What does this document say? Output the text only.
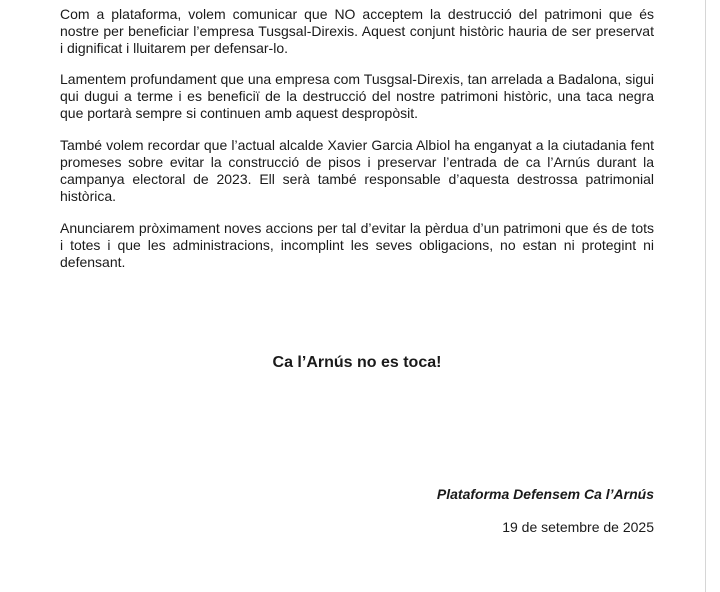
Com a plataforma, volem comunicar que NO acceptem la destrucció del patrimoni que és nostre per beneficiar l’empresa Tusgsal-Direxis. Aquest conjunt històric hauria de ser preservat i dignificat i lluitarem per defensar-lo.

Lamentem profundament que una empresa com Tusgsal-Direxis, tan arrelada a Badalona, sigui qui dugui a terme i es beneficiï de la destrucció del nostre patrimoni històric, una taca negra que portarà sempre si continuen amb aquest despropòsit.

També volem recordar que l’actual alcalde Xavier Garcia Albiol ha enganyat a la ciutadania fent promeses sobre evitar la construcció de pisos i preservar l’entrada de ca l’Arnús durant la campanya electoral de 2023. Ell serà també responsable d’aquesta destrossa patrimonial històrica.

Anunciarem pròximament noves accions per tal d’evitar la pèrdua d’un patrimoni que és de tots i totes i que les administracions, incomplint les seves obligacions, no estan ni protegint ni defensant.

Ca l’Arnús no es toca!
Plataforma Defensem Ca l’Arnús
19 de setembre de 2025
